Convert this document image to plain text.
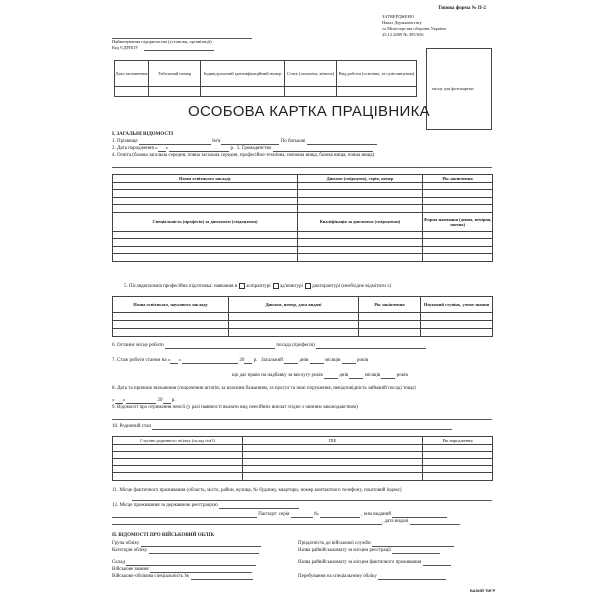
Типова форма № П-2
ЗАТВЕРДЖЕНО
Наказ Держкомстату
та Міністерства оборони України
25.12.2009 № 495/656
Найменування підприємства (установи, організації)
Код ЄДРПОУ
Дата заповнення	Табельний номер	Індивідуальний ідентифікаційний номер	Стать (чоловіча, жіноча)	Вид роботи (основна, за сумісництвом)

місце для фотокартки
ОСОБОВА КАРТКА ПРАЦІВНИКА
І. ЗАГАЛЬНІ ВІДОМОСТІ
1. Прізвище	Ім'я	По батькові
2. Дата народження « »	р. 3. Громадянство
4. Освіта (базова загальна середня, повна загальна середня, професійно-технічна, неповна вища, базова вища, повна вища)
Назва освітнього закладу	Диплом (свідоцтво), серія, номер	Рік закінчення

Спеціальність (професія) за дипломом (свідоцтвом)	Кваліфікація за дипломом (свідоцтвом)	Форма навчання (денна, вечірня, заочна)

5. Післядипломна професійна підготовка: навчання в аспірантурі ад'юнктурі докторантурі (необхідне відмітити х)
Назва освітнього, наукового закладу	Диплом, номер, дата видачі	Рік закінчення	Науковий ступінь, учене звання

6. Останнє місце роботи	посада (професія)
7. Стаж роботи станом на « »	20 р. Загальний	днів	місяців	років
що дає право на надбавку за вислугу років	днів	місяців	років
8. Дата та причина звільнення (скорочення штатів; за власним бажанням, за прогул та інші порушення, невідповідність займаній посаді тощо)
« »	20 р.
9. Відомості про отримання пенсії (у разі наявності вказати вид пенсійних виплат згідно з чинним законодавством)
10. Родинний стан
Ступінь родинного зв'язку (склад сім'ї)	ПІБ	Рік народження

11. Місце фактичного проживання (область, місто, район, вулиця, № будинку, квартири, номер контактного телефону, поштовий індекс)
12. Місце проживання за державною реєстрацією
Паспорт: серія	№	, ким виданий
, дата видачі
ІІ. ВІДОМОСТІ ПРО ВІЙСЬКОВИЙ ОБЛІК
Група обліку
Категорія обліку
Склад
Військове звання
Військово-облікова спеціальність №
Придатність до військової служби
Назва райвійськкомату за місцем реєстрації
Назва райвійськкомату за місцем фактичного проживання
Перебування на спеціальному обліку
БАЗИЙ ТИГР
